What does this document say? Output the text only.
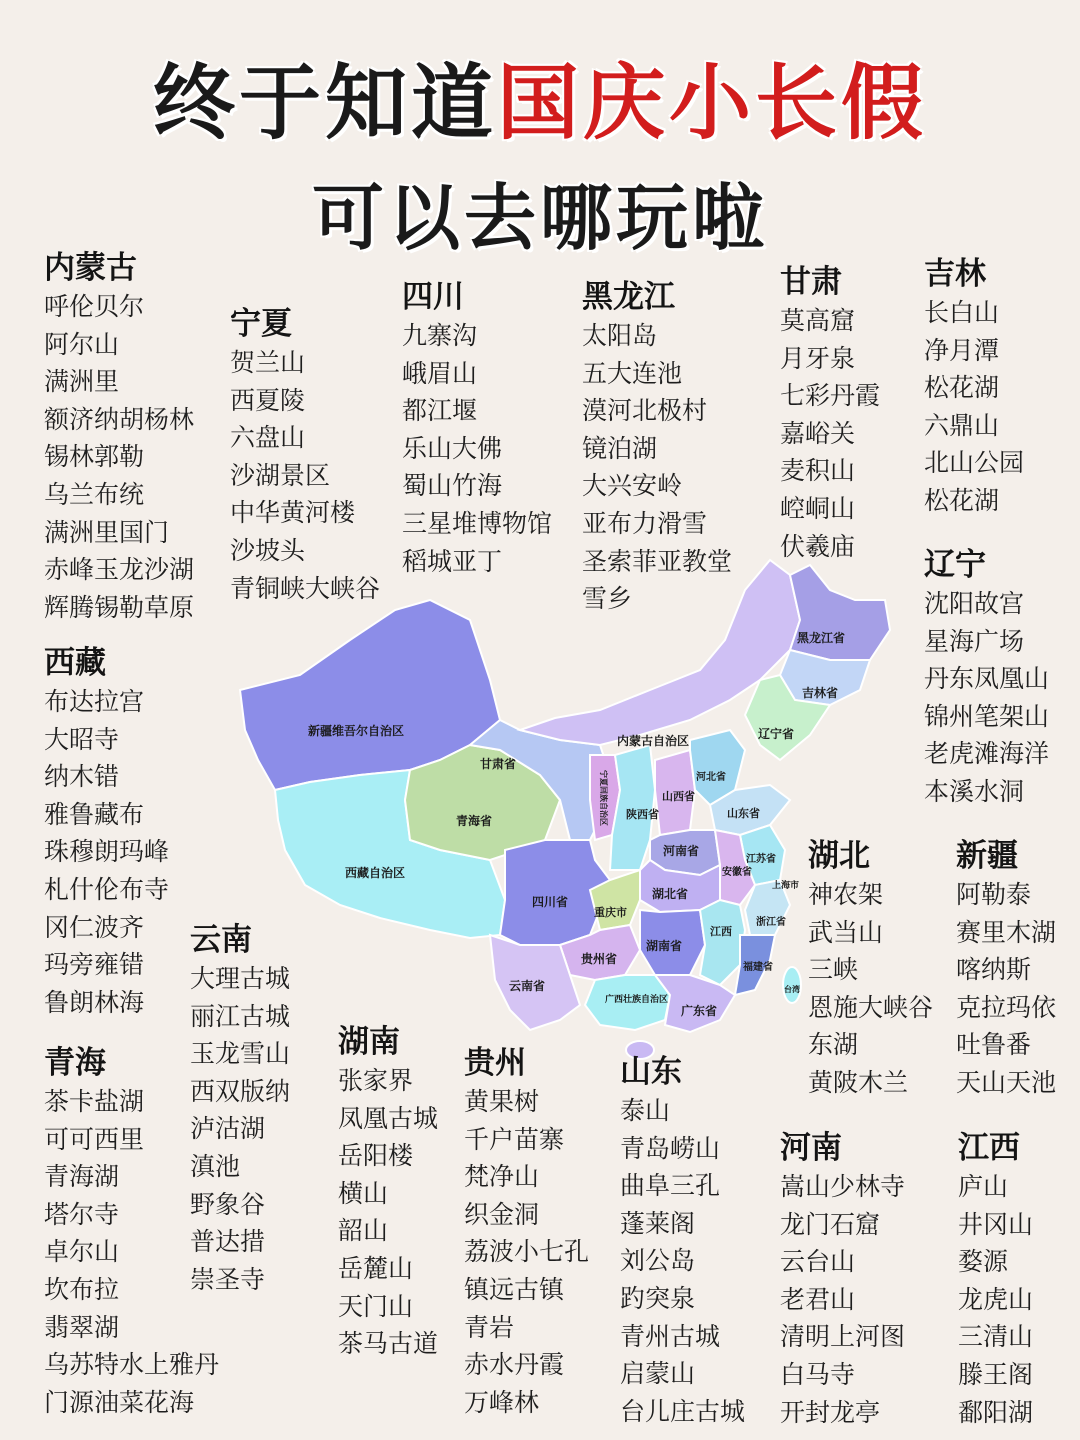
新疆维吾尔自治区
西藏自治区
青海省
甘肃省
内蒙古自治区
黑龙江省
吉林省
辽宁省
陕西省
山西省
河北省
山东省
河南省
江苏省
安徽省
上海市
浙江省
湖北省
四川省
重庆市
湖南省
江西
福建省
贵州省
云南省
广西壮族自治区
广东省
台湾
宁夏回族自治区
终于知道国庆小长假
可以去哪玩啦
内蒙古
呼伦贝尔
阿尔山
满洲里
额济纳胡杨林
锡林郭勒
乌兰布统
满洲里国门
赤峰玉龙沙湖
辉腾锡勒草原
宁夏
贺兰山
西夏陵
六盘山
沙湖景区
中华黄河楼
沙坡头
青铜峡大峡谷
四川
九寨沟
峨眉山
都江堰
乐山大佛
蜀山竹海
三星堆博物馆
稻城亚丁
黑龙江
太阳岛
五大连池
漠河北极村
镜泊湖
大兴安岭
亚布力滑雪
圣索菲亚教堂
雪乡
甘肃
莫高窟
月牙泉
七彩丹霞
嘉峪关
麦积山
崆峒山
伏羲庙
吉林
长白山
净月潭
松花湖
六鼎山
北山公园
松花湖
辽宁
沈阳故宫
星海广场
丹东凤凰山
锦州笔架山
老虎滩海洋
本溪水洞
西藏
布达拉宫
大昭寺
纳木错
雅鲁藏布
珠穆朗玛峰
札什伦布寺
冈仁波齐
玛旁雍错
鲁朗林海
云南
大理古城
丽江古城
玉龙雪山
西双版纳
泸沽湖
滇池
野象谷
普达措
崇圣寺
湖北
神农架
武当山
三峡
恩施大峡谷
东湖
黄陂木兰
新疆
阿勒泰
赛里木湖
喀纳斯
克拉玛依
吐鲁番
天山天池
青海
茶卡盐湖
可可西里
青海湖
塔尔寺
卓尔山
坎布拉
翡翠湖
乌苏特水上雅丹
门源油菜花海
湖南
张家界
凤凰古城
岳阳楼
横山
韶山
岳麓山
天门山
茶马古道
贵州
黄果树
千户苗寨
梵净山
织金洞
荔波小七孔
镇远古镇
青岩
赤水丹霞
万峰林
山东
泰山
青岛崂山
曲阜三孔
蓬莱阁
刘公岛
趵突泉
青州古城
启蒙山
台儿庄古城
河南
嵩山少林寺
龙门石窟
云台山
老君山
清明上河图
白马寺
开封龙亭
江西
庐山
井冈山
婺源
龙虎山
三清山
滕王阁
鄱阳湖
